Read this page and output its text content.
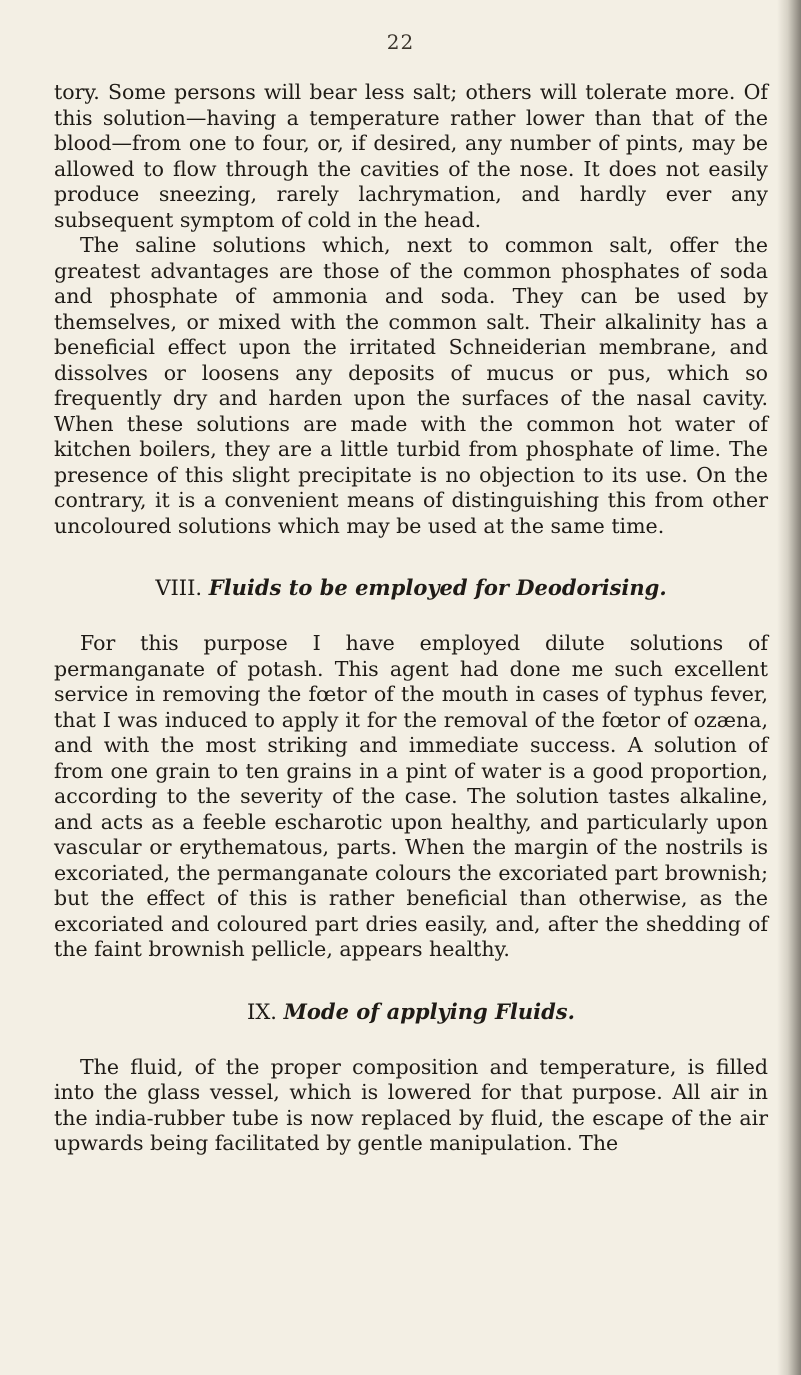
22

tory. Some persons will bear less salt; others will tolerate more. Of this solution—having a temperature rather lower than that of the blood—from one to four, or, if desired, any number of pints, may be allowed to flow through the cavities of the nose. It does not easily produce sneezing, rarely lachrymation, and hardly ever any subsequent symptom of cold in the head.

The saline solutions which, next to common salt, offer the greatest advantages are those of the common phosphates of soda and phosphate of ammonia and soda. They can be used by themselves, or mixed with the common salt. Their alkalinity has a beneficial effect upon the irritated Schneiderian membrane, and dissolves or loosens any deposits of mucus or pus, which so frequently dry and harden upon the surfaces of the nasal cavity. When these solutions are made with the common hot water of kitchen boilers, they are a little turbid from phosphate of lime. The presence of this slight precipitate is no objection to its use. On the contrary, it is a convenient means of distinguishing this from other uncoloured solutions which may be used at the same time.

VIII. Fluids to be employed for Deodorising.

For this purpose I have employed dilute solutions of permanganate of potash. This agent had done me such excellent service in removing the fœtor of the mouth in cases of typhus fever, that I was induced to apply it for the removal of the fœtor of ozæna, and with the most striking and immediate success. A solution of from one grain to ten grains in a pint of water is a good proportion, according to the severity of the case. The solution tastes alkaline, and acts as a feeble escharotic upon healthy, and particularly upon vascular or erythematous, parts. When the margin of the nostrils is excoriated, the permanganate colours the excoriated part brownish; but the effect of this is rather beneficial than otherwise, as the excoriated and coloured part dries easily, and, after the shedding of the faint brownish pellicle, appears healthy.

IX. Mode of applying Fluids.

The fluid, of the proper composition and temperature, is filled into the glass vessel, which is lowered for that purpose. All air in the india-rubber tube is now replaced by fluid, the escape of the air upwards being facilitated by gentle manipulation. The
